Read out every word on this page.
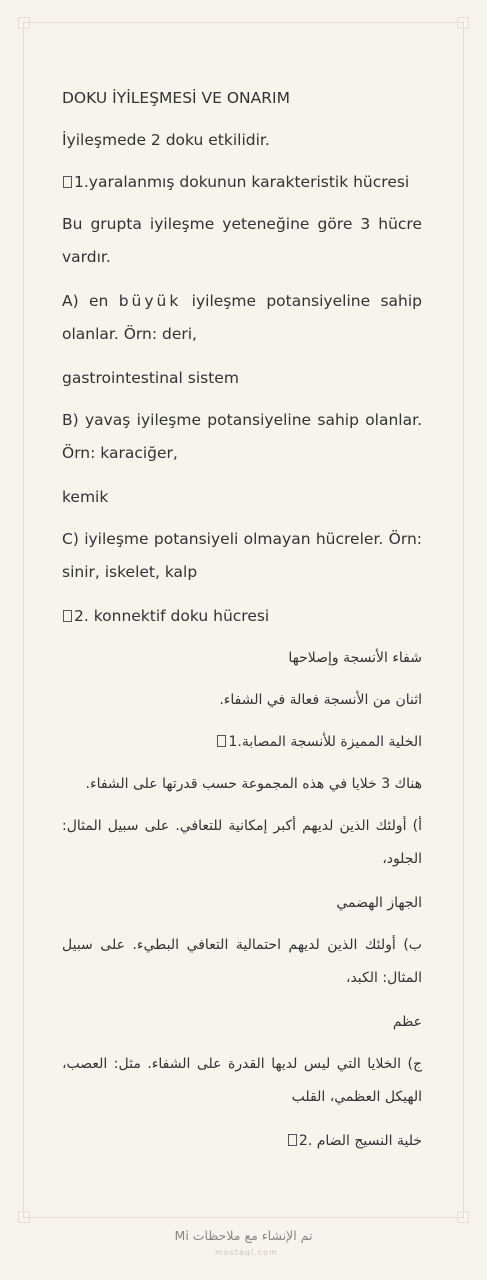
DOKU İYİLEŞMESİ VE ONARIM
İyileşmede 2 doku etkilidir.
1.yaralanmış dokunun karakteristik hücresi
Bu grupta iyileşme yeteneğine göre 3 hücre vardır.
A) en büyük iyileşme potansiyeline sahip olanlar. Örn: deri,
gastrointestinal sistem
B) yavaş iyileşme potansiyeline sahip olanlar. Örn: karaciğer,
kemik
C) iyileşme potansiyeli olmayan hücreler. Örn: sinir, iskelet, kalp
2. konnektif doku hücresi
شفاء الأنسجة وإصلاحها
اثنان من الأنسجة فعالة في الشفاء.
الخلية المميزة للأنسجة المصابة.1
هناك 3 خلايا في هذه المجموعة حسب قدرتها على الشفاء.
أ) أولئك الذين لديهم أكبر إمكانية للتعافي. على سبيل المثال: الجلود،
الجهاز الهضمي
ب) أولئك الذين لديهم احتمالية التعافي البطيء. على سبيل المثال: الكبد،
عظم
ج) الخلايا التي ليس لديها القدرة على الشفاء. مثل: العصب، الهيكل العظمي، القلب
خلية النسيج الضام .2
تم الإنشاء مع ملاحظات Mi
mostaql.com
